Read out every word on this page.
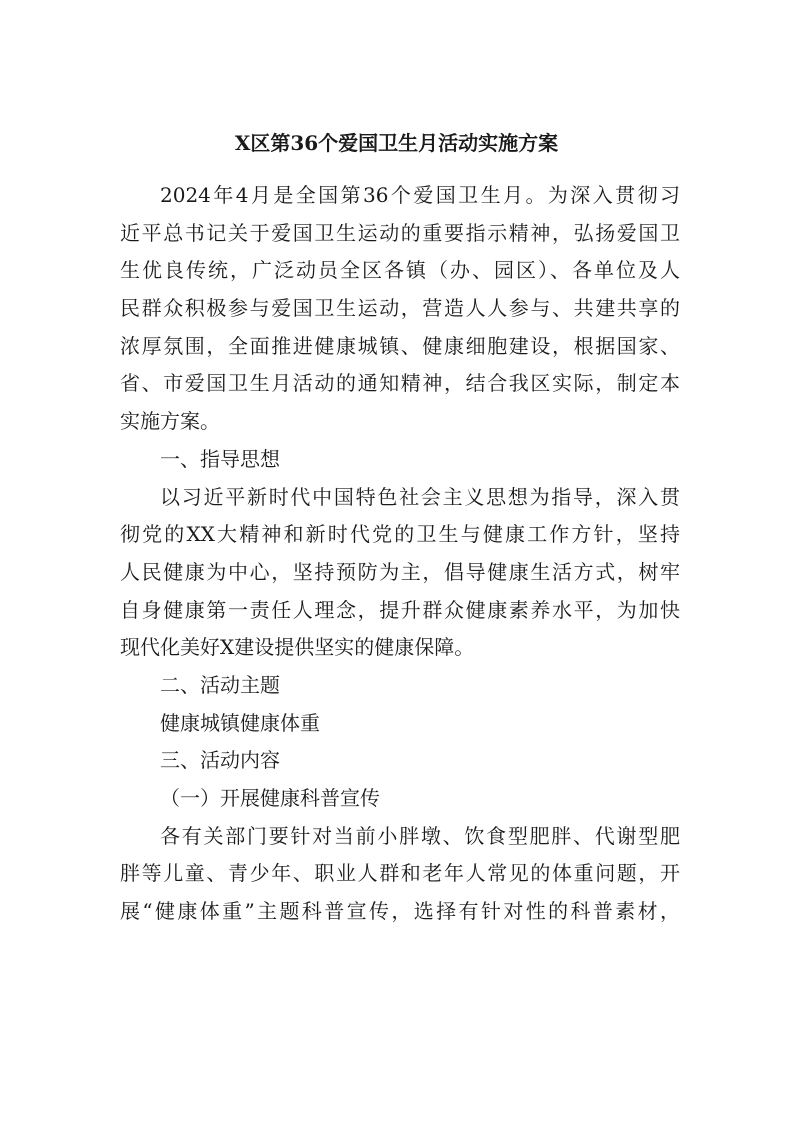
X区第36个爱国卫生月活动实施方案
2024年4月是全国第36个爱国卫生月。为深入贯彻习
近平总书记关于爱国卫生运动的重要指示精神，弘扬爱国卫
生优良传统，广泛动员全区各镇（办、园区）、各单位及人
民群众积极参与爱国卫生运动，营造人人参与、共建共享的
浓厚氛围，全面推进健康城镇、健康细胞建设，根据国家、
省、市爱国卫生月活动的通知精神，结合我区实际，制定本
实施方案。
一、指导思想
以习近平新时代中国特色社会主义思想为指导，深入贯
彻党的XX大精神和新时代党的卫生与健康工作方针，坚持
人民健康为中心，坚持预防为主，倡导健康生活方式，树牢
自身健康第一责任人理念，提升群众健康素养水平，为加快
现代化美好X建设提供坚实的健康保障。
二、活动主题
健康城镇健康体重
三、活动内容
（一）开展健康科普宣传
各有关部门要针对当前小胖墩、饮食型肥胖、代谢型肥
胖等儿童、青少年、职业人群和老年人常见的体重问题，开
展“健康体重”主题科普宣传，选择有针对性的科普素材，
